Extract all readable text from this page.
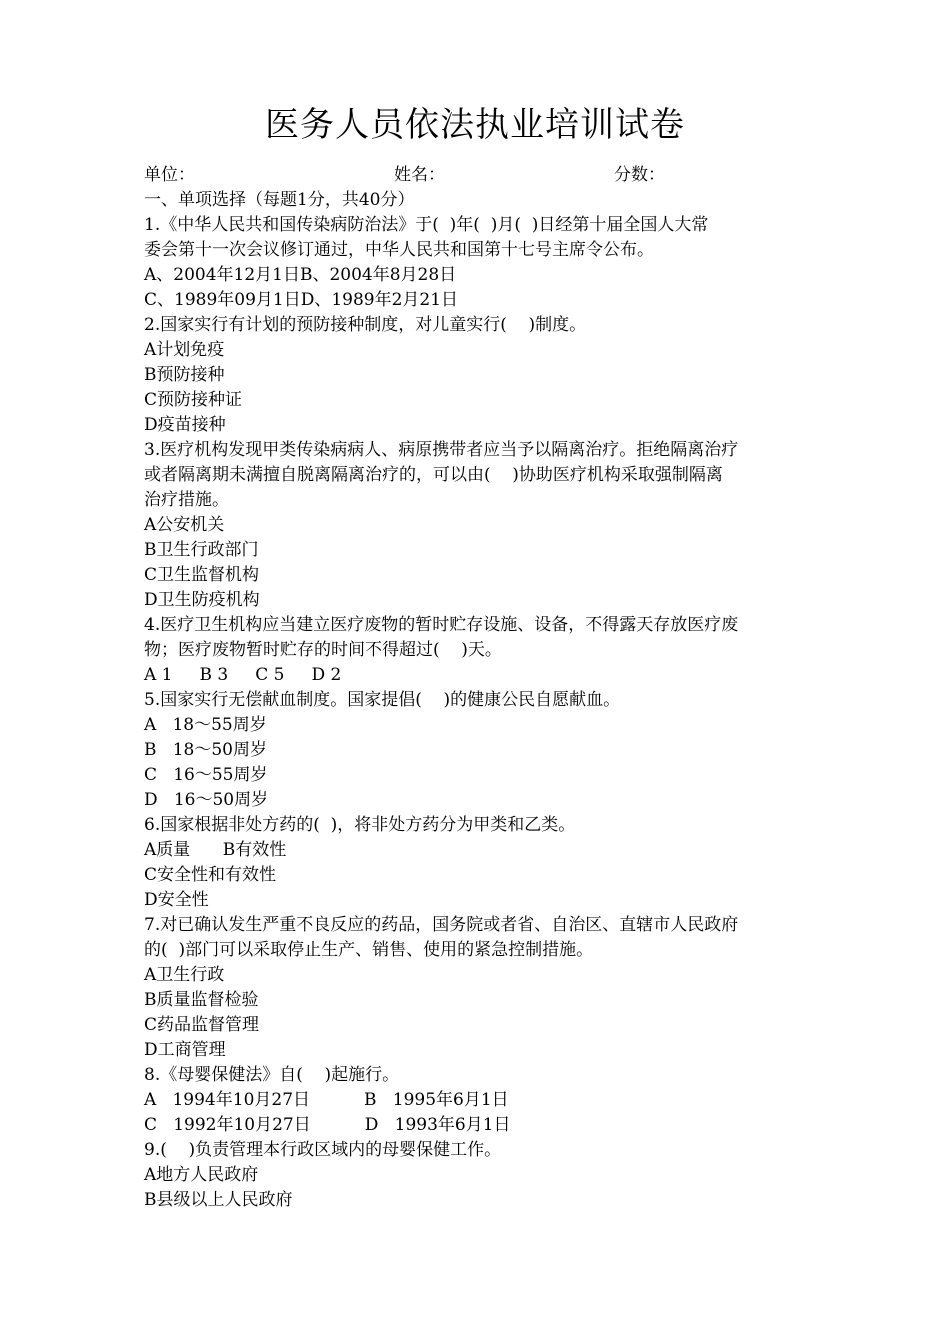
医务人员依法执业培训试卷
单位：	姓名：	分数：
一、单项选择（每题1分，共40分）
1.《中华人民共和国传染病防治法》于(  )年(  )月(  )日经第十届全国人大常
委会第十一次会议修订通过，中华人民共和国第十七号主席令公布。
A、2004年12月1日B、2004年8月28日
C、1989年09月1日D、1989年2月21日
2.国家实行有计划的预防接种制度，对儿童实行(    )制度。
A计划免疫
B预防接种
C预防接种证
D疫苗接种
3.医疗机构发现甲类传染病病人、病原携带者应当予以隔离治疗。拒绝隔离治疗
或者隔离期未满擅自脱离隔离治疗的，可以由(    )协助医疗机构采取强制隔离
治疗措施。
A公安机关
B卫生行政部门
C卫生监督机构
D卫生防疫机构
4.医疗卫生机构应当建立医疗废物的暂时贮存设施、设备，不得露天存放医疗废
物；医疗废物暂时贮存的时间不得超过(    )天。
A 1     B 3     C 5     D 2
5.国家实行无偿献血制度。国家提倡(    )的健康公民自愿献血。
A   18～55周岁
B   18～50周岁
C   16～55周岁
D   16～50周岁
6.国家根据非处方药的(  )，将非处方药分为甲类和乙类。
A质量      B有效性
C安全性和有效性
D安全性
7.对已确认发生严重不良反应的药品，国务院或者省、自治区、直辖市人民政府
的(  )部门可以采取停止生产、销售、使用的紧急控制措施。
A卫生行政
B质量监督检验
C药品监督管理
D工商管理
8.《母婴保健法》自(    )起施行。
A   1994年10月27日          B   1995年6月1日
C   1992年10月27日          D   1993年6月1日
9.(    )负责管理本行政区域内的母婴保健工作。
A地方人民政府
B县级以上人民政府
